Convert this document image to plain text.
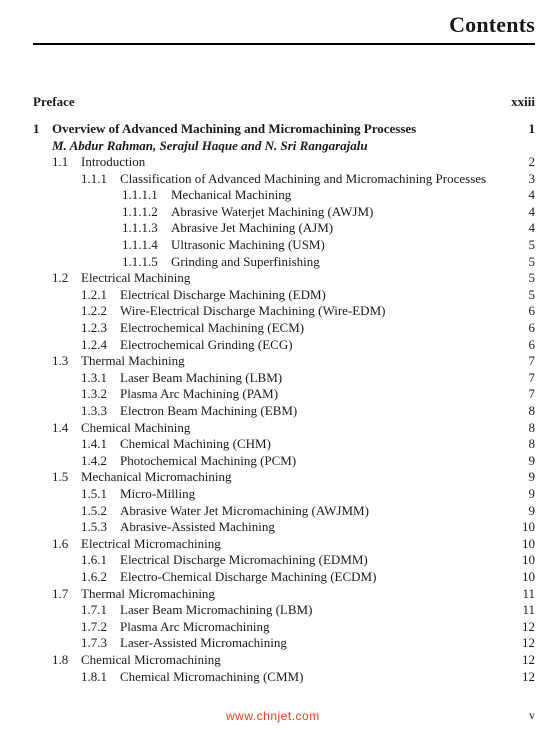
Contents
Preface	xxiii
1 Overview of Advanced Machining and Micromachining Processes	1
M. Abdur Rahman, Serajul Haque and N. Sri Rangarajalu
1.1 Introduction	2
1.1.1 Classification of Advanced Machining and Micromachining Processes	3
1.1.1.1 Mechanical Machining	4
1.1.1.2 Abrasive Waterjet Machining (AWJM)	4
1.1.1.3 Abrasive Jet Machining (AJM)	4
1.1.1.4 Ultrasonic Machining (USM)	5
1.1.1.5 Grinding and Superfinishing	5
1.2 Electrical Machining	5
1.2.1 Electrical Discharge Machining (EDM)	5
1.2.2 Wire-Electrical Discharge Machining (Wire-EDM)	6
1.2.3 Electrochemical Machining (ECM)	6
1.2.4 Electrochemical Grinding (ECG)	6
1.3 Thermal Machining	7
1.3.1 Laser Beam Machining (LBM)	7
1.3.2 Plasma Arc Machining (PAM)	7
1.3.3 Electron Beam Machining (EBM)	8
1.4 Chemical Machining	8
1.4.1 Chemical Machining (CHM)	8
1.4.2 Photochemical Machining (PCM)	9
1.5 Mechanical Micromachining	9
1.5.1 Micro-Milling	9
1.5.2 Abrasive Water Jet Micromachining (AWJMM)	9
1.5.3 Abrasive-Assisted Machining	10
1.6 Electrical Micromachining	10
1.6.1 Electrical Discharge Micromachining (EDMM)	10
1.6.2 Electro-Chemical Discharge Machining (ECDM)	10
1.7 Thermal Micromachining	11
1.7.1 Laser Beam Micromachining (LBM)	11
1.7.2 Plasma Arc Micromachining	12
1.7.3 Laser-Assisted Micromachining	12
1.8 Chemical Micromachining	12
1.8.1 Chemical Micromachining (CMM)	12
www.chnjet.com	v
